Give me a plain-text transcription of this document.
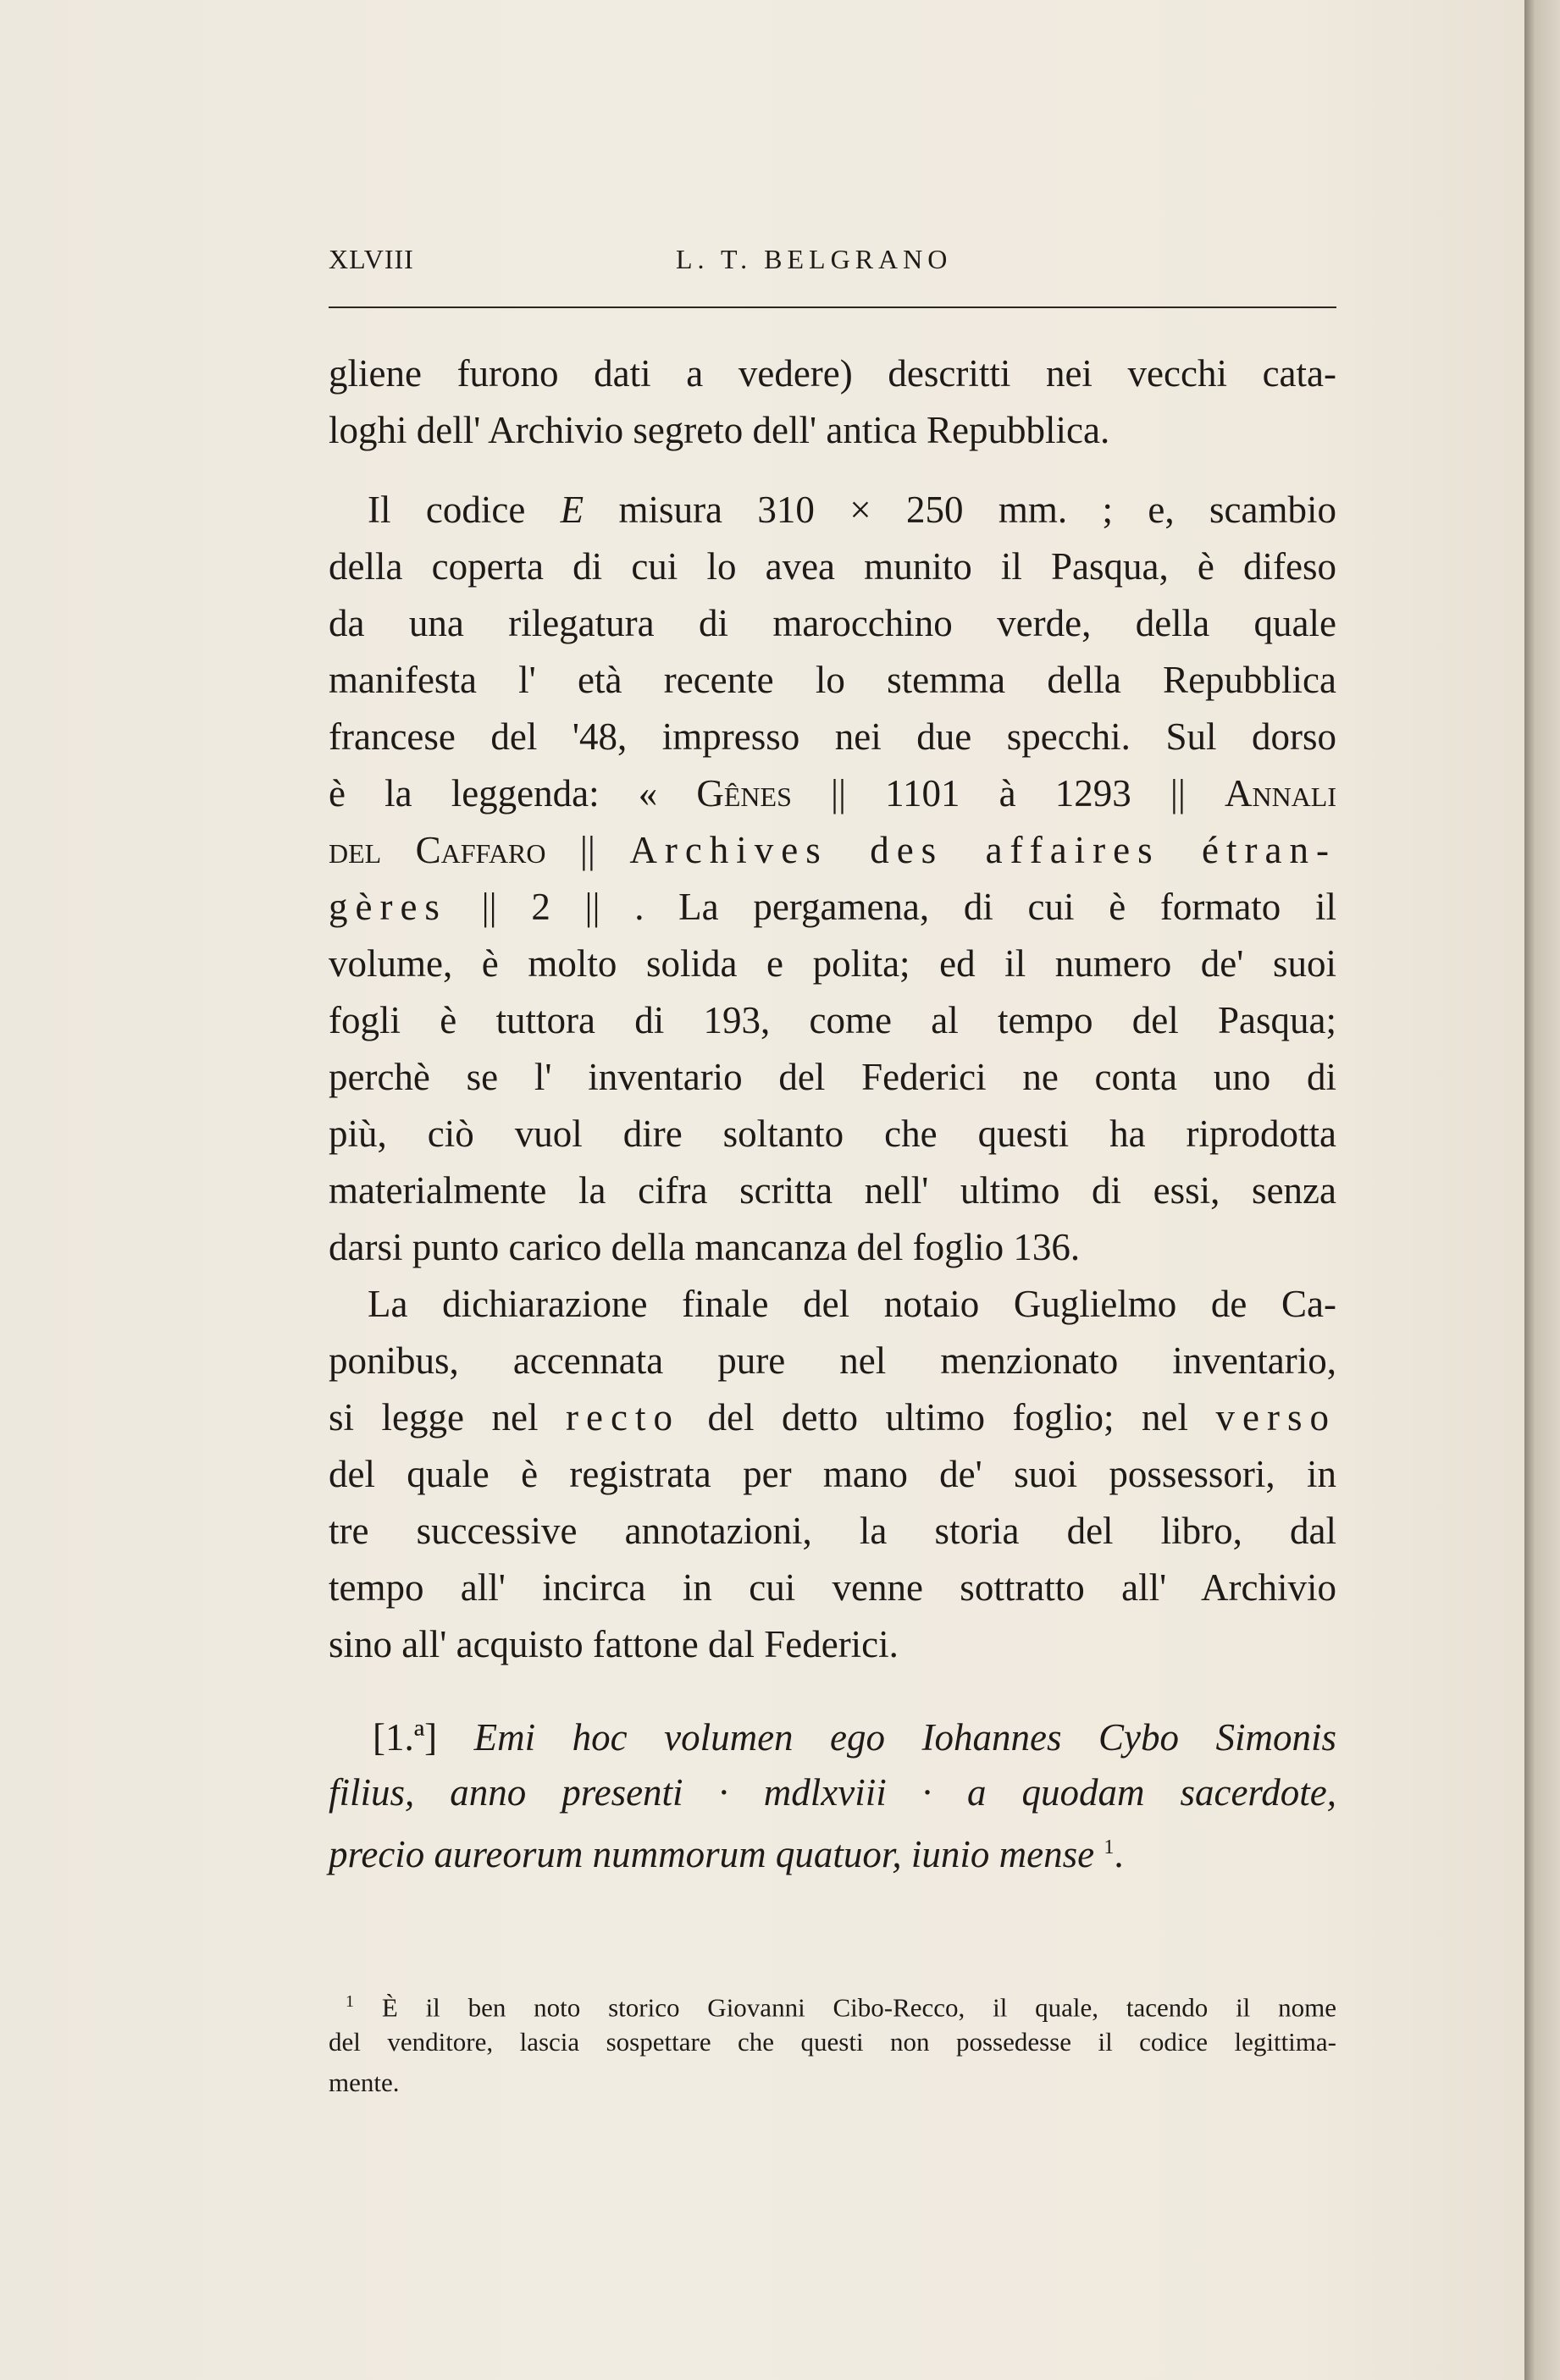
XLVIII	L. T. BELGRANO
gliene furono dati a vedere) descritti nei vecchi cata-
loghi dell' Archivio segreto dell' antica Repubblica.
Il codice E misura 310 × 250 mm. ; e, scambio
della coperta di cui lo avea munito il Pasqua, è difeso
da una rilegatura di marocchino verde, della quale
manifesta l' età recente lo stemma della Repubblica
francese del '48, impresso nei due specchi. Sul dorso
è la leggenda: « Gênes || 1101 à 1293 || Annali
del Caffaro || Archives des affaires étran-
gères || 2 || . La pergamena, di cui è formato il
volume, è molto solida e polita; ed il numero de' suoi
fogli è tuttora di 193, come al tempo del Pasqua;
perchè se l' inventario del Federici ne conta uno di
più, ciò vuol dire soltanto che questi ha riprodotta
materialmente la cifra scritta nell' ultimo di essi, senza
darsi punto carico della mancanza del foglio 136.
La dichiarazione finale del notaio Guglielmo de Ca-
ponibus, accennata pure nel menzionato inventario,
si legge nel recto del detto ultimo foglio; nel verso
del quale è registrata per mano de' suoi possessori, in
tre successive annotazioni, la storia del libro, dal
tempo all' incirca in cui venne sottratto all' Archivio
sino all' acquisto fattone dal Federici.
[1.ª] Emi hoc volumen ego Iohannes Cybo Simonis
filius, anno presenti · mdlxviii · a quodam sacerdote,
precio aureorum nummorum quatuor, iunio mense $^1$.
$^1$ È il ben noto storico Giovanni Cibo-Recco, il quale, tacendo il nome
del venditore, lascia sospettare che questi non possedesse il codice legittima-
mente.
